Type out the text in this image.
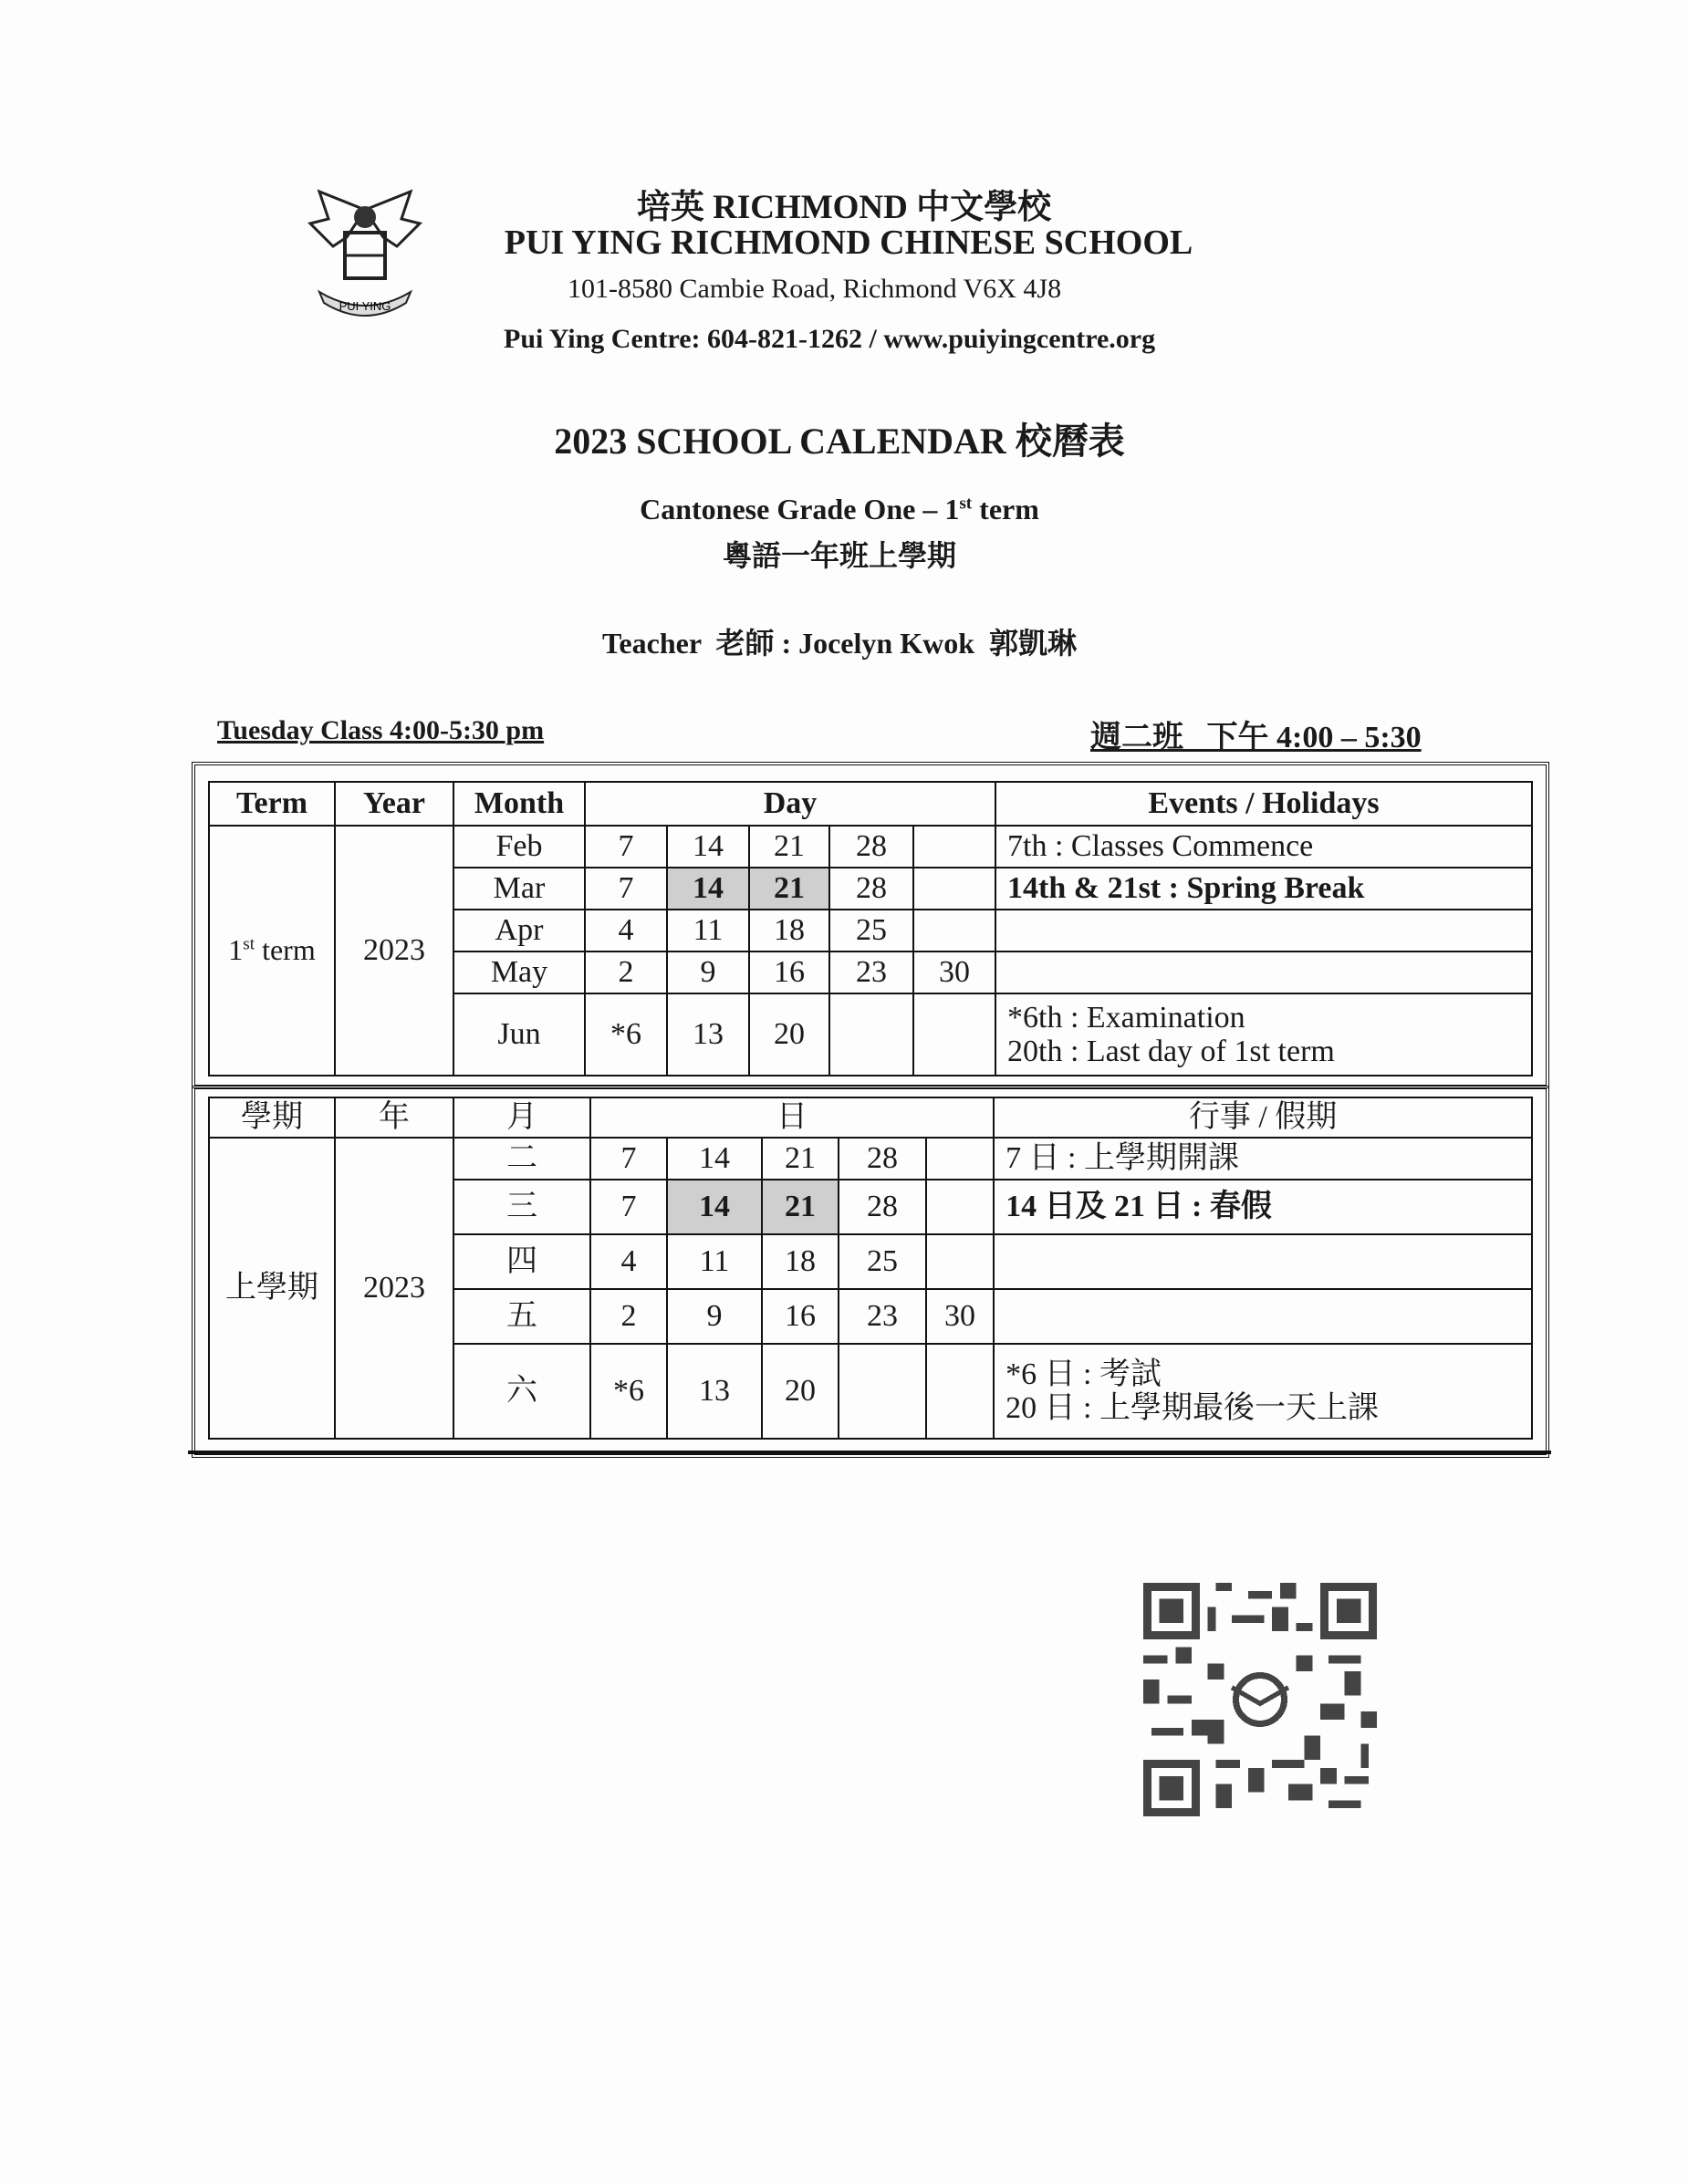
PUI YING
培英 RICHMOND 中文學校
PUI YING RICHMOND CHINESE SCHOOL
101-8580 Cambie Road, Richmond V6X 4J8
Pui Ying Centre: 604-821-1262 / www.puiyingcentre.org
2023 SCHOOL CALENDAR 校曆表
Cantonese Grade One – 1st term
粵語一年班上學期
Teacher  老師 : Jocelyn Kwok  郭凱琳
Tuesday Class 4:00-5:30 pm	週二班   下午 4:00 – 5:30
Term	Year	Month	Day					Events / Holidays
1st term	2023	Feb	7	14	21	28		7th : Classes Commence
		Mar	7	14	21	28		14th & 21st : Spring Break
		Apr	4	11	18	25		
		May	2	9	16	23	30	
		Jun	*6	13	20			*6th : Examination
20th : Last day of 1st term
學期	年	月	日					行事 / 假期
上學期	2023	二	7	14	21	28		7 日 : 上學期開課
		三	7	14	21	28		14 日及 21 日 : 春假
		四	4	11	18	25		
		五	2	9	16	23	30	
		六	*6	13	20			*6 日 : 考試
20 日 : 上學期最後一天上課
